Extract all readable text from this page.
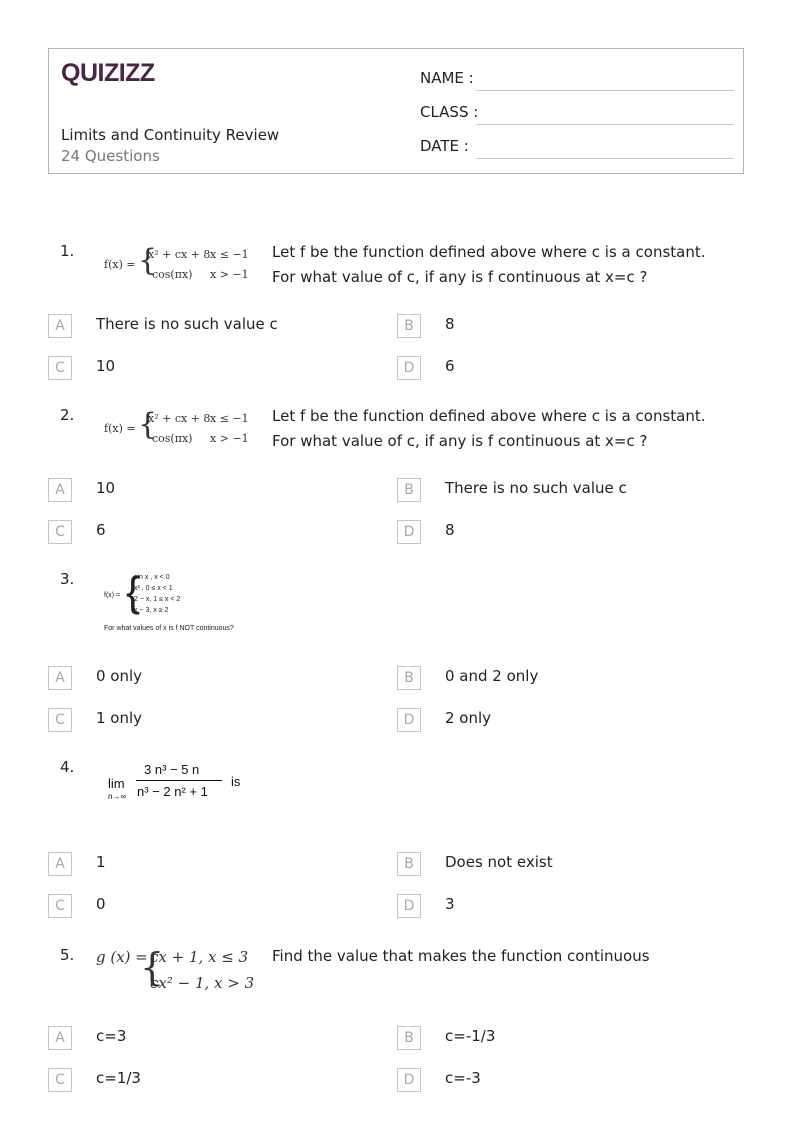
QUIZIZZ
Limits and Continuity Review
24 Questions
NAME :
CLASS :
DATE :
1.
f(x) = {
x² + cx + 8 x ≤ −1
cos(πx) x > −1
Let f be the function defined above where c is a constant. For what value of c, if any is f continuous at x=c ?
A	There is no such value c	B	8
C	10	D	6
2.
f(x) = {
x² + cx + 8 x ≤ −1
cos(πx) x > −1
Let f be the function defined above where c is a constant. For what value of c, if any is f continuous at x=c ?
A	10	B	There is no such value c
C	6	D	8
3.
f(x) = {
sin x , x < 0
x² , 0 ≤ x < 1
2 − x, 1 ≤ x < 2
x − 3, x ≥ 2
For what values of x is f NOT continuous?
A	0 only	B	0 and 2 only
C	1 only	D	2 only
4.
lim
n→∞
3 n³ − 5 n
n³ − 2 n² + 1
is
A	1	B	Does not exist
C	0	D	3
5. g (x) =
{
cx + 1, x ≤ 3
cx² − 1, x > 3
Find the value that makes the function continuous
A	c=3	B	c=-1/3
C	c=1/3	D	c=-3
